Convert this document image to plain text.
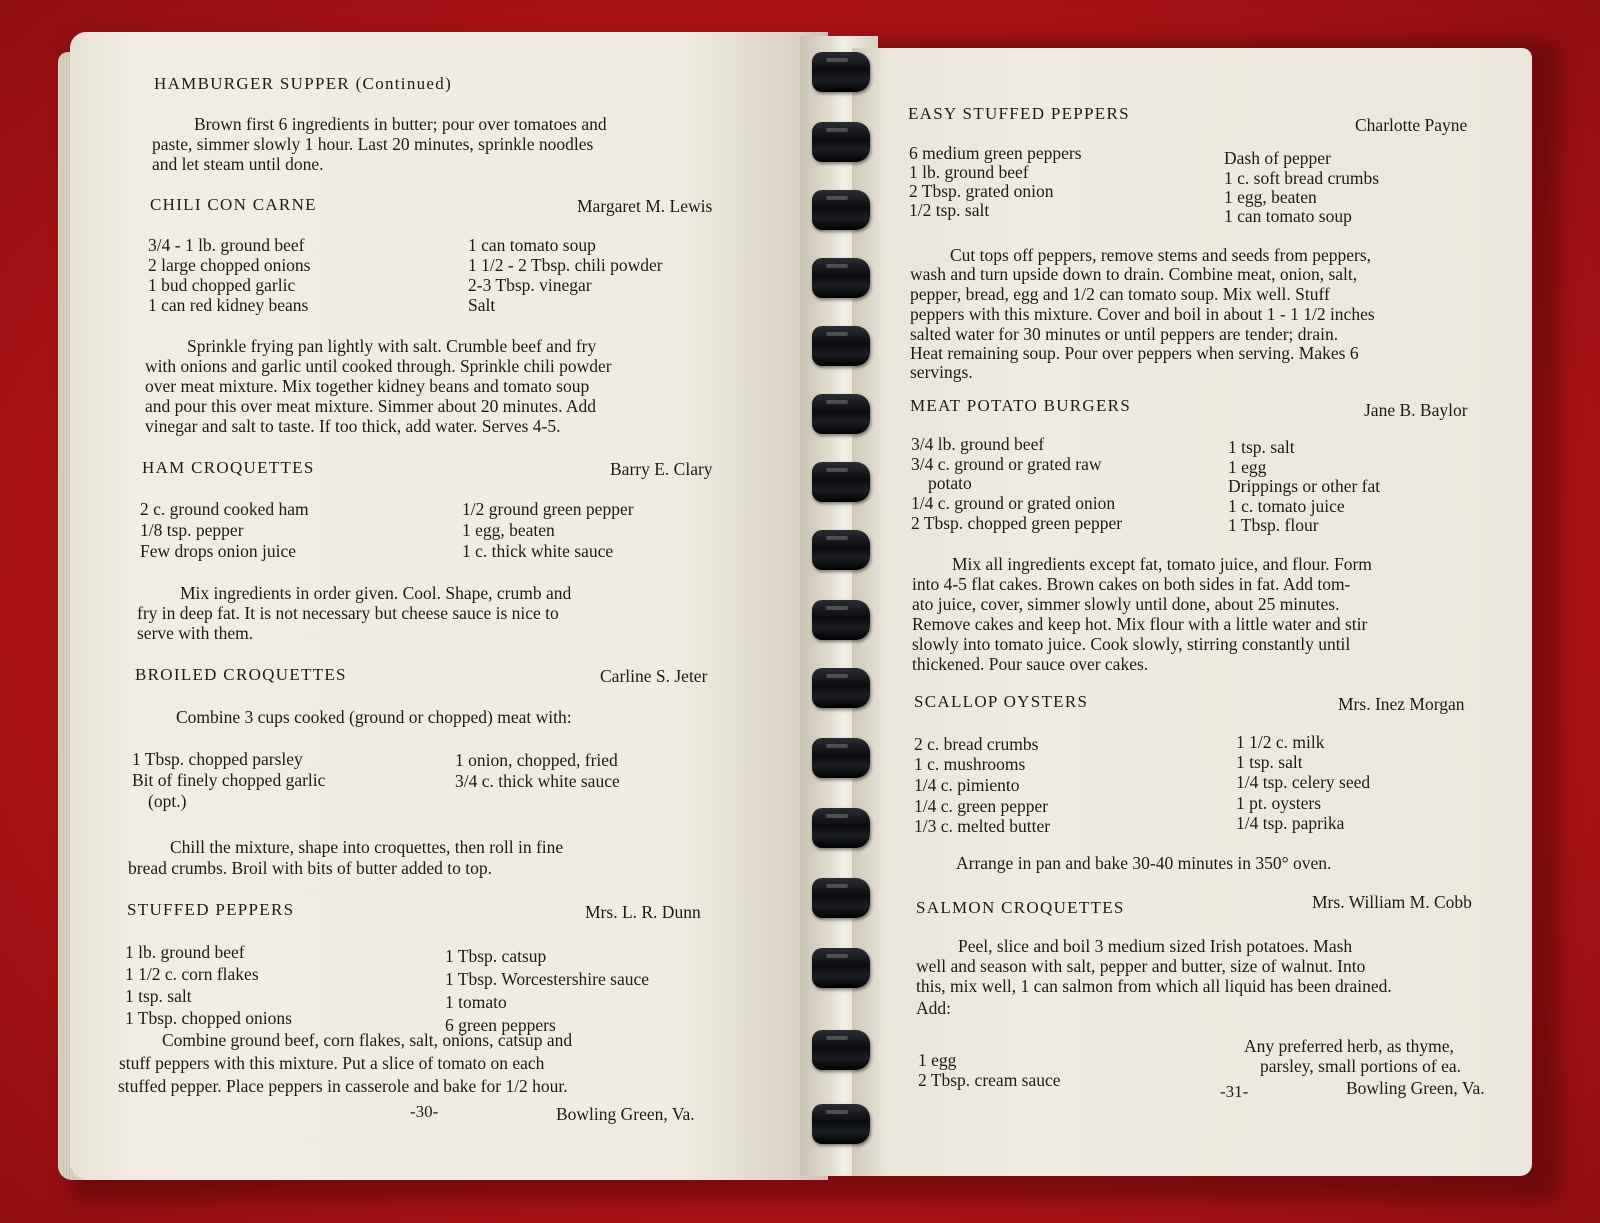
HAMBURGER SUPPER (Continued)
Brown first 6 ingredients in butter; pour over tomatoes and
paste, simmer slowly 1 hour. Last 20 minutes, sprinkle noodles
and let steam until done.
CHILI CON CARNE	Margaret M. Lewis
3/4 - 1 lb. ground beef
2 large chopped onions
1 bud chopped garlic
1 can red kidney beans
1 can tomato soup
1 1/2 - 2 Tbsp. chili powder
2-3 Tbsp. vinegar
Salt
Sprinkle frying pan lightly with salt. Crumble beef and fry
with onions and garlic until cooked through. Sprinkle chili powder
over meat mixture. Mix together kidney beans and tomato soup
and pour this over meat mixture. Simmer about 20 minutes. Add
vinegar and salt to taste. If too thick, add water. Serves 4-5.
HAM CROQUETTES	Barry E. Clary
2 c. ground cooked ham
1/8 tsp. pepper
Few drops onion juice
1/2 ground green pepper
1 egg, beaten
1 c. thick white sauce
Mix ingredients in order given. Cool. Shape, crumb and
fry in deep fat. It is not necessary but cheese sauce is nice to
serve with them.
BROILED CROQUETTES	Carline S. Jeter
Combine 3 cups cooked (ground or chopped) meat with:
1 Tbsp. chopped parsley
Bit of finely chopped garlic
(opt.)
1 onion, chopped, fried
3/4 c. thick white sauce
Chill the mixture, shape into croquettes, then roll in fine
bread crumbs. Broil with bits of butter added to top.
STUFFED PEPPERS	Mrs. L. R. Dunn
1 lb. ground beef
1 1/2 c. corn flakes
1 tsp. salt
1 Tbsp. chopped onions
1 Tbsp. catsup
1 Tbsp. Worcestershire sauce
1 tomato
6 green peppers
Combine ground beef, corn flakes, salt, onions, catsup and
stuff peppers with this mixture. Put a slice of tomato on each
stuffed pepper. Place peppers in casserole and bake for 1/2 hour.
-30-	Bowling Green, Va.
EASY STUFFED PEPPERS
Charlotte Payne
6 medium green peppers
1 lb. ground beef
2 Tbsp. grated onion
1/2 tsp. salt
Dash of pepper
1 c. soft bread crumbs
1 egg, beaten
1 can tomato soup
Cut tops off peppers, remove stems and seeds from peppers,
wash and turn upside down to drain. Combine meat, onion, salt,
pepper, bread, egg and 1/2 can tomato soup. Mix well. Stuff
peppers with this mixture. Cover and boil in about 1 - 1 1/2 inches
salted water for 30 minutes or until peppers are tender; drain.
Heat remaining soup. Pour over peppers when serving. Makes 6
servings.
MEAT POTATO BURGERS	Jane B. Baylor
3/4 lb. ground beef
3/4 c. ground or grated raw
potato
1/4 c. ground or grated onion
2 Tbsp. chopped green pepper
1 tsp. salt
1 egg
Drippings or other fat
1 c. tomato juice
1 Tbsp. flour
Mix all ingredients except fat, tomato juice, and flour. Form
into 4-5 flat cakes. Brown cakes on both sides in fat. Add tom-
ato juice, cover, simmer slowly until done, about 25 minutes.
Remove cakes and keep hot. Mix flour with a little water and stir
slowly into tomato juice. Cook slowly, stirring constantly until
thickened. Pour sauce over cakes.
SCALLOP OYSTERS	Mrs. Inez Morgan
2 c. bread crumbs
1 c. mushrooms
1/4 c. pimiento
1/4 c. green pepper
1/3 c. melted butter
1 1/2 c. milk
1 tsp. salt
1/4 tsp. celery seed
1 pt. oysters
1/4 tsp. paprika
Arrange in pan and bake 30-40 minutes in 350° oven.
SALMON CROQUETTES	Mrs. William M. Cobb
Peel, slice and boil 3 medium sized Irish potatoes. Mash
well and season with salt, pepper and butter, size of walnut. Into
this, mix well, 1 can salmon from which all liquid has been drained.
Add:
1 egg
2 Tbsp. cream sauce
Any preferred herb, as thyme,
parsley, small portions of ea.
-31-	Bowling Green, Va.
